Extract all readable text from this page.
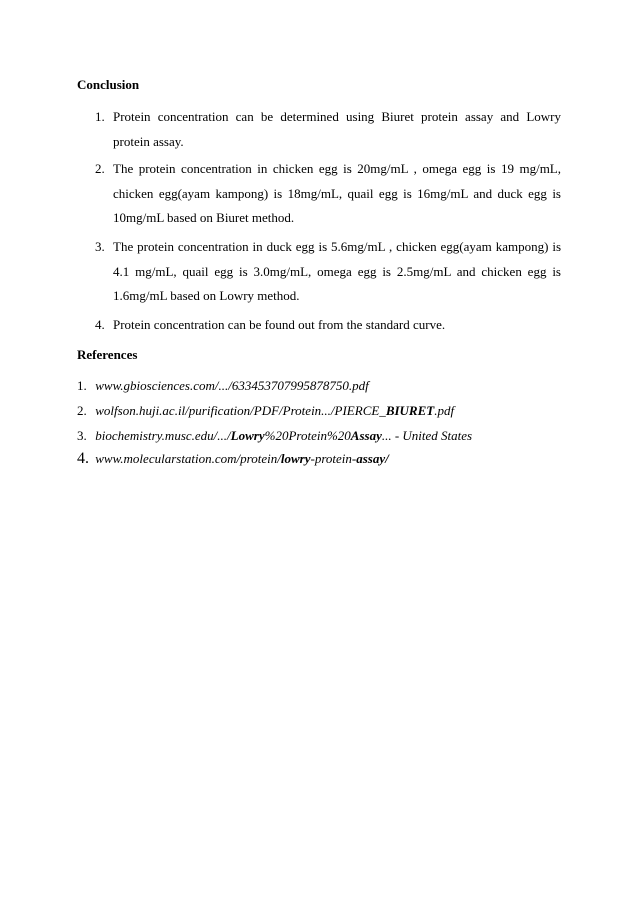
Conclusion
1. Protein concentration can be determined using Biuret protein assay and Lowry protein assay.
2. The protein concentration in chicken egg is 20mg/mL , omega egg is 19 mg/mL, chicken egg(ayam kampong) is 18mg/mL, quail egg is 16mg/mL and duck egg is 10mg/mL based on Biuret method.
3. The protein concentration in duck egg is 5.6mg/mL , chicken egg(ayam kampong) is 4.1 mg/mL, quail egg is 3.0mg/mL, omega egg is 2.5mg/mL and chicken egg is 1.6mg/mL based on Lowry method.
4. Protein concentration can be found out from the standard curve.
References
1. www.gbiosciences.com/.../633453707995878750.pdf
2. wolfson.huji.ac.il/purification/PDF/Protein.../PIERCE_BIURET.pdf
3. biochemistry.musc.edu/.../Lowry%20Protein%20Assay... - United States
4. www.molecularstation.com/protein/lowry-protein-assay/
